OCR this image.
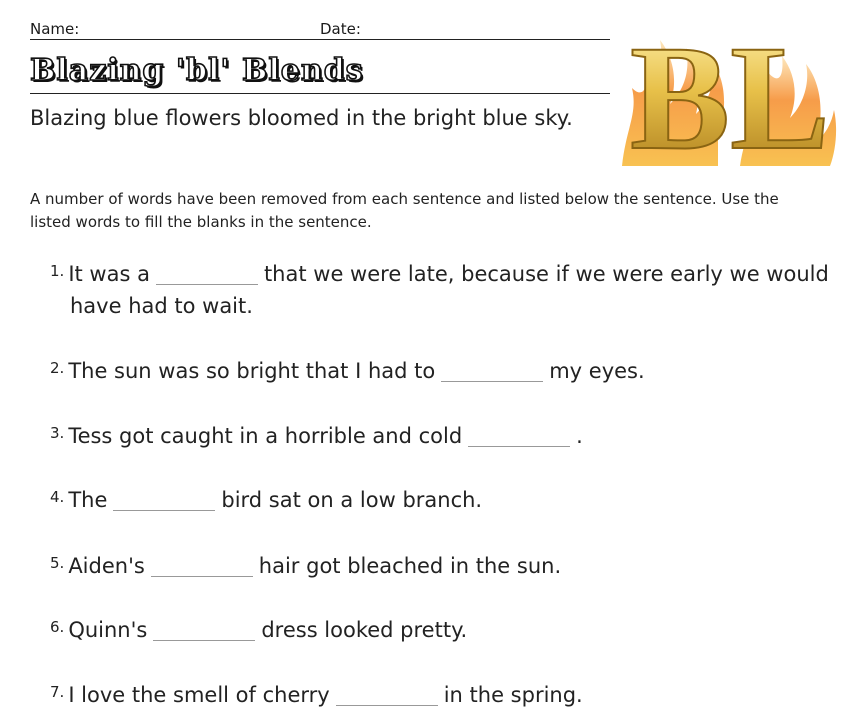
Name:	Date:
Blazing 'bl' Blends
Blazing blue flowers bloomed in the bright blue sky. BL
A number of words have been removed from each sentence and listed below the sentence. Use the listed words to fill the blanks in the sentence.
$^{1.}$ It was a	that we were late, because if we were early we would
have had to wait.
$^{2.}$ The sun was so bright that I had to	my eyes.
$^{3.}$ Tess got caught in a horrible and cold	.
$^{4.}$ The	bird sat on a low branch.
$^{5.}$ Aiden's	hair got bleached in the sun.
$^{6.}$ Quinn's	dress looked pretty.
$^{7.}$ I love the smell of cherry	in the spring.
